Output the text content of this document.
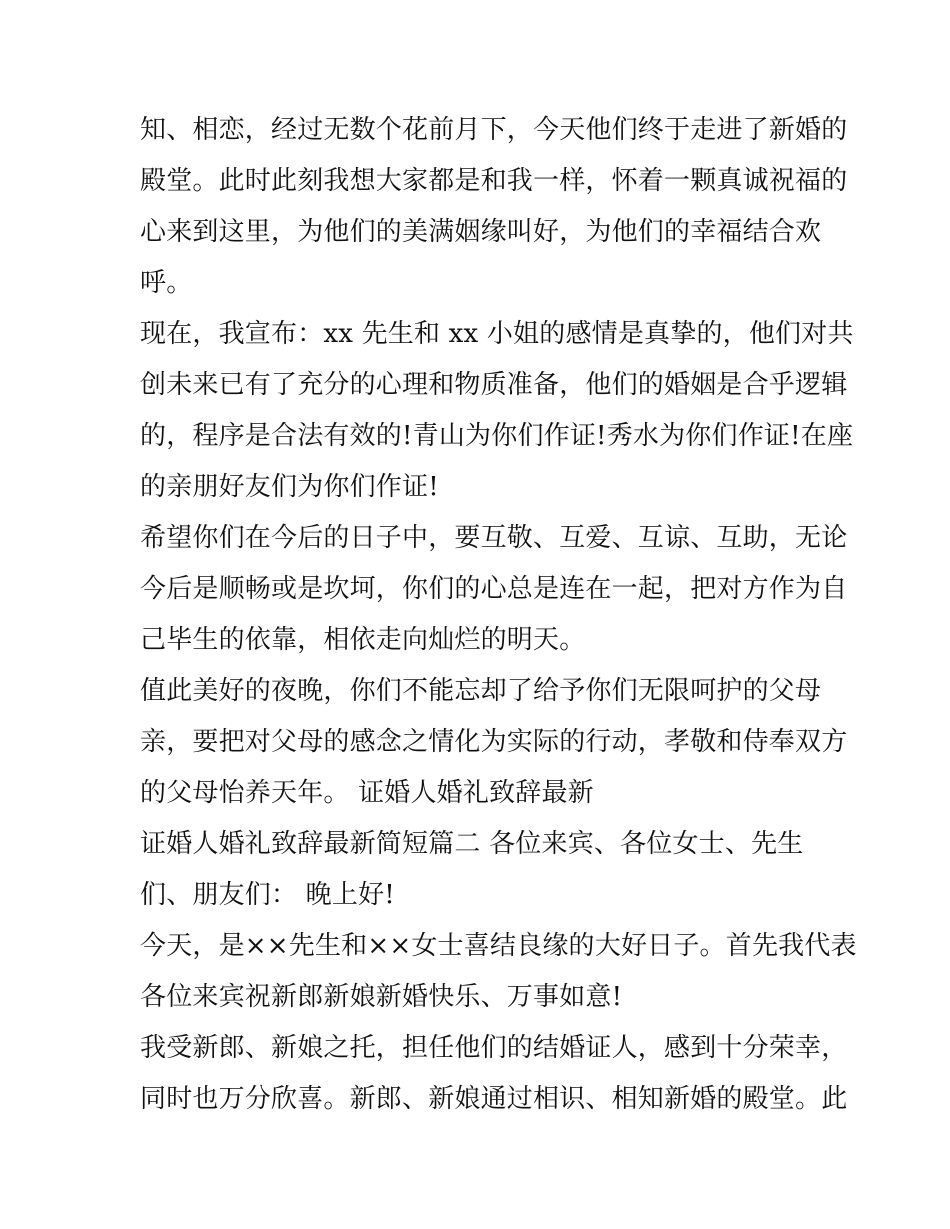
知、相恋，经过无数个花前月下，今天他们终于走进了新婚的
殿堂。此时此刻我想大家都是和我一样，怀着一颗真诚祝福的
心来到这里，为他们的美满姻缘叫好，为他们的幸福结合欢
呼。
现在，我宣布：xx 先生和 xx 小姐的感情是真挚的，他们对共
创未来已有了充分的心理和物质准备，他们的婚姻是合乎逻辑
的，程序是合法有效的!青山为你们作证!秀水为你们作证!在座
的亲朋好友们为你们作证!
希望你们在今后的日子中，要互敬、互爱、互谅、互助，无论
今后是顺畅或是坎坷，你们的心总是连在一起，把对方作为自
己毕生的依靠，相依走向灿烂的明天。
值此美好的夜晚，你们不能忘却了给予你们无限呵护的父母
亲，要把对父母的感念之情化为实际的行动，孝敬和侍奉双方
的父母怡养天年。 证婚人婚礼致辞最新
证婚人婚礼致辞最新简短篇二 各位来宾、各位女士、先生
们、朋友们： 晚上好!
今天，是××先生和××女士喜结良缘的大好日子。首先我代表
各位来宾祝新郎新娘新婚快乐、万事如意!
我受新郎、新娘之托，担任他们的结婚证人，感到十分荣幸，
同时也万分欣喜。新郎、新娘通过相识、相知新婚的殿堂。此
